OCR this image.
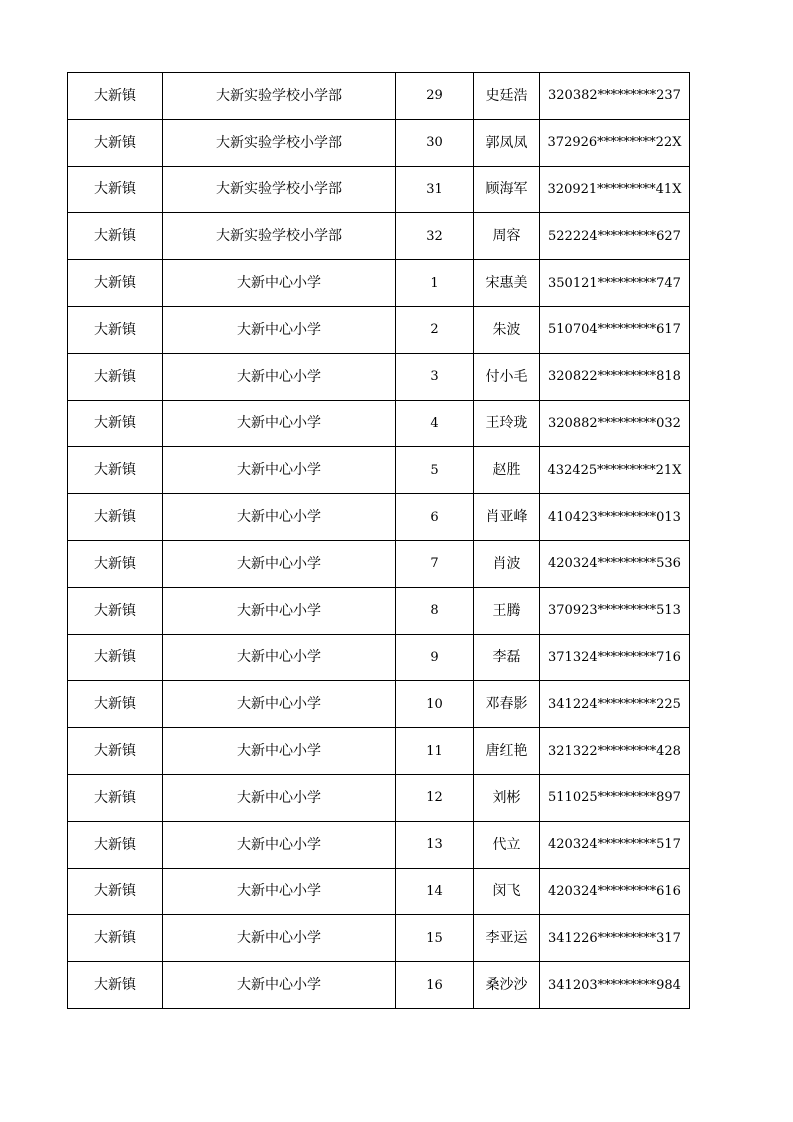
大新镇	大新实验学校小学部	29	史廷浩	320382*********237
大新镇	大新实验学校小学部	30	郭凤凤	372926*********22X
大新镇	大新实验学校小学部	31	顾海军	320921*********41X
大新镇	大新实验学校小学部	32	周容	522224*********627
大新镇	大新中心小学	1	宋惠美	350121*********747
大新镇	大新中心小学	2	朱波	510704*********617
大新镇	大新中心小学	3	付小毛	320822*********818
大新镇	大新中心小学	4	王玲珑	320882*********032
大新镇	大新中心小学	5	赵胜	432425*********21X
大新镇	大新中心小学	6	肖亚峰	410423*********013
大新镇	大新中心小学	7	肖波	420324*********536
大新镇	大新中心小学	8	王腾	370923*********513
大新镇	大新中心小学	9	李磊	371324*********716
大新镇	大新中心小学	10	邓春影	341224*********225
大新镇	大新中心小学	11	唐红艳	321322*********428
大新镇	大新中心小学	12	刘彬	511025*********897
大新镇	大新中心小学	13	代立	420324*********517
大新镇	大新中心小学	14	闵飞	420324*********616
大新镇	大新中心小学	15	李亚运	341226*********317
大新镇	大新中心小学	16	桑沙沙	341203*********984
